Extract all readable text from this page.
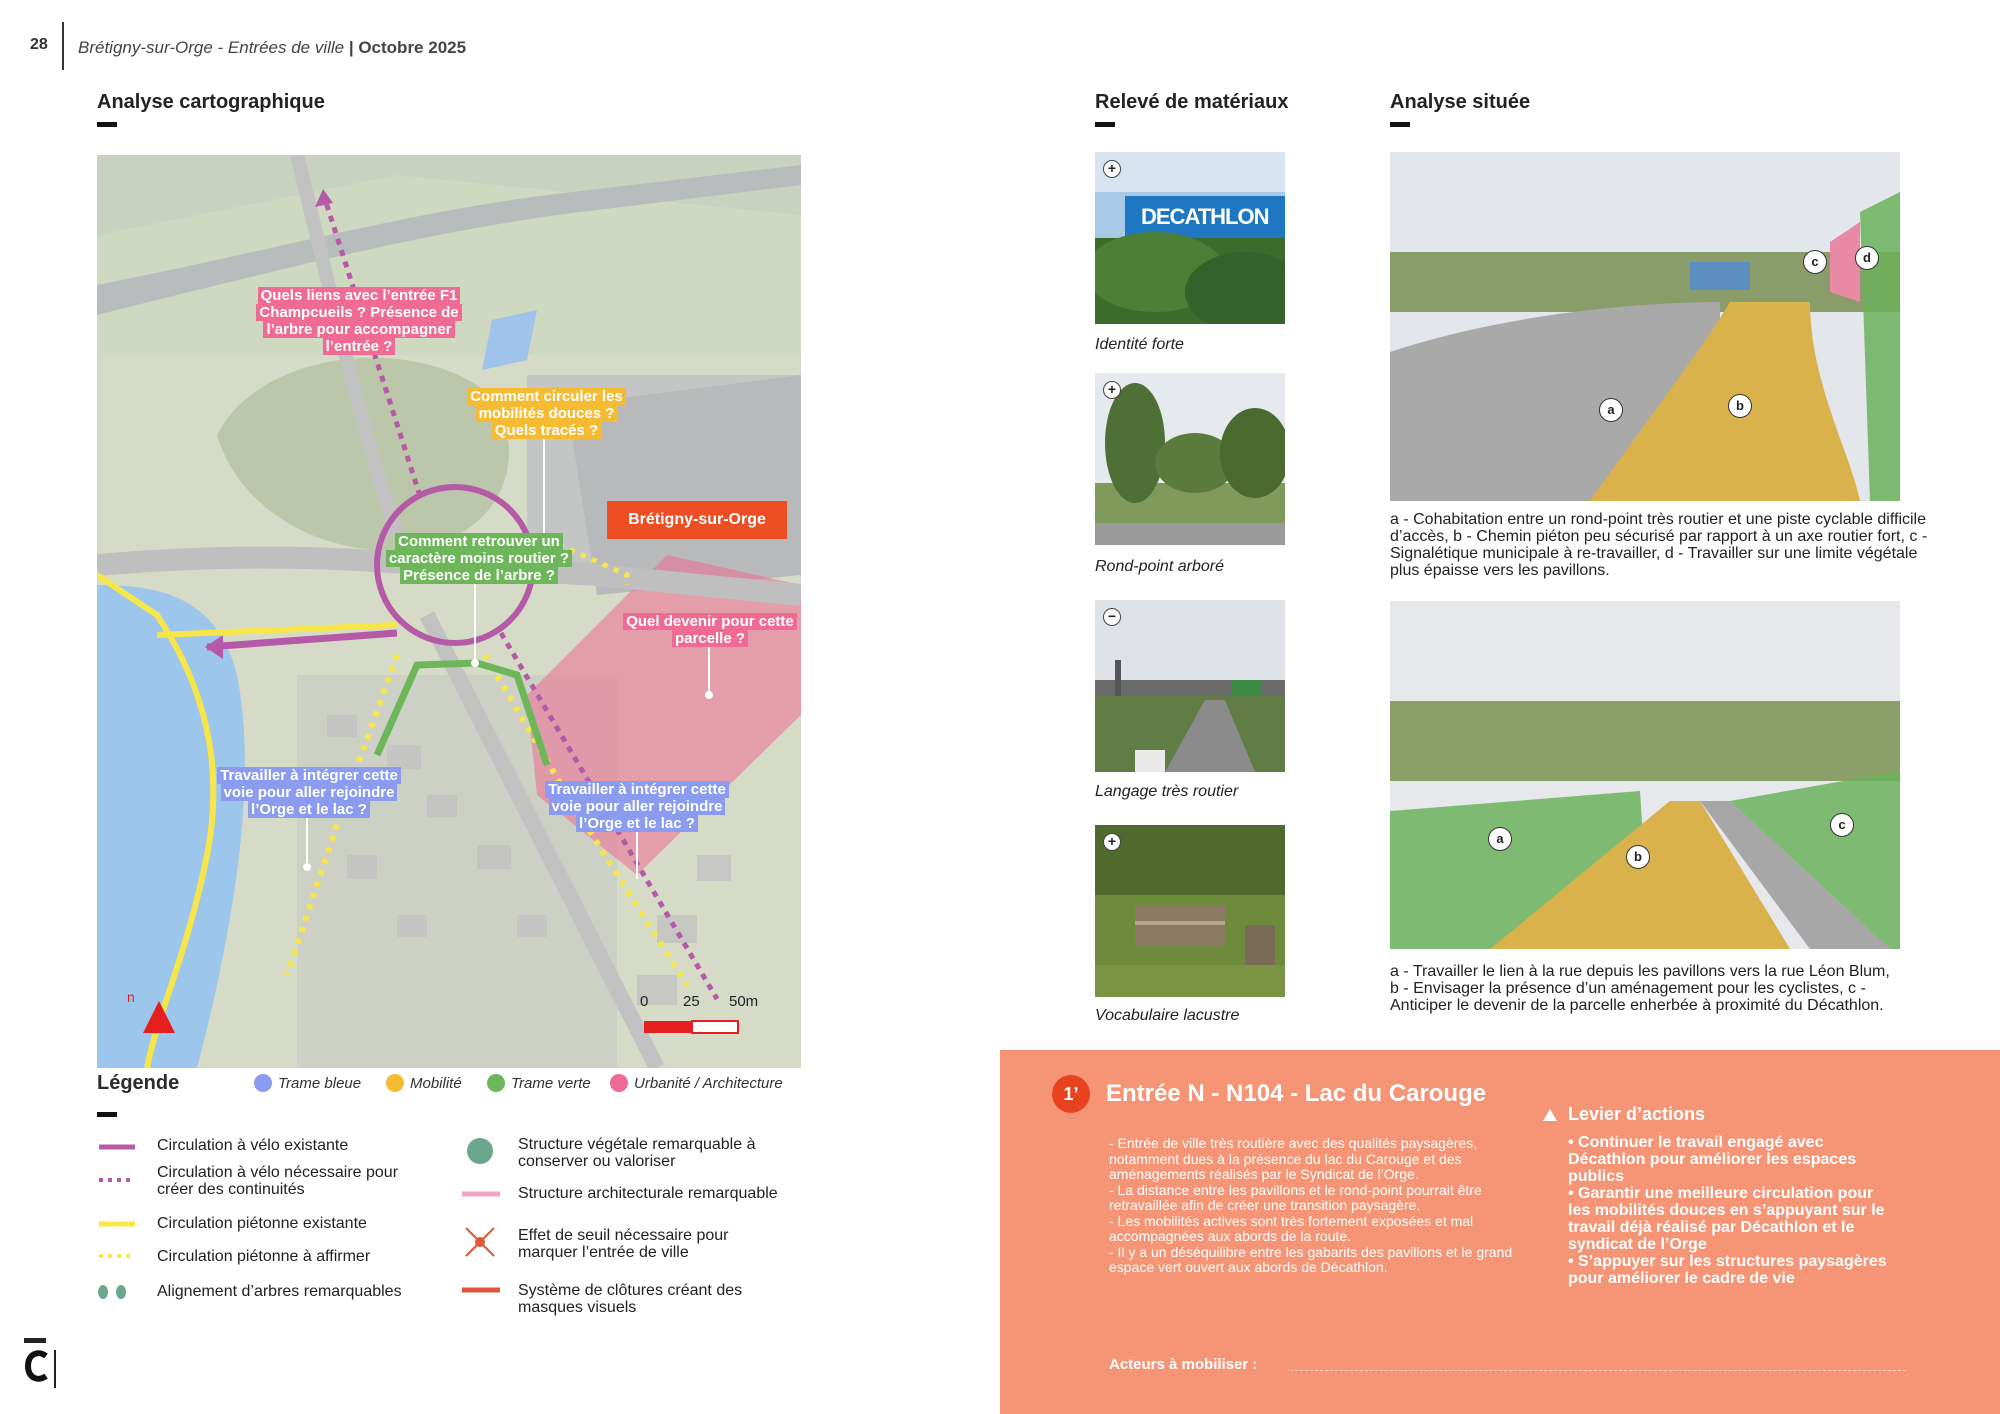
28 Brétigny-sur-Orge - Entrées de ville | Octobre 2025
Analyse cartographique	Relevé de matériaux	Analyse située
Quels liens avec l’entrée F1 Champcueils ? Présence de l’arbre pour accompagner l’entrée ?
Comment circuler les mobilités douces ? Quels tracés ?
Comment retrouver un caractère moins routier ? Présence de l’arbre ?
Brétigny-sur-Orge
Quel devenir pour cette parcelle ?
Travailler à intégrer cette voie pour aller rejoindre l’Orge et le lac ?
Travailler à intégrer cette voie pour aller rejoindre l’Orge et le lac ?
n	0 25 50m
Légende	Trame bleue	Mobilité	Trame verte	Urbanité / Architecture
Circulation à vélo existante
Circulation à vélo nécessaire pour créer des continuités
Circulation piétonne existante
Circulation piétonne à affirmer
Alignement d’arbres remarquables
Structure végétale remarquable à conserver ou valoriser
Structure architecturale remarquable
Effet de seuil nécessaire pour marquer l’entrée de ville
Système de clôtures créant des masques visuels
DECATHLON
+
Identité forte
+
Rond-point arboré
−
Langage très routier
+
Vocabulaire lacustre
a	b
c	d
a - Cohabitation entre un rond-point très routier et une piste cyclable difficile d’accès, b - Chemin piéton peu sécurisé par rapport à un axe routier fort, c - Signalétique municipale à re-travailler, d - Travailler sur une limite végétale plus épaisse vers les pavillons.
a
b
c
a - Travailler le lien à la rue depuis les pavillons vers la rue Léon Blum, b - Envisager la présence d’un aménagement pour les cyclistes, c - Anticiper le devenir de la parcelle enherbée à proximité du Décathlon.
1’	Entrée N - N104 - Lac du Carouge
- Entrée de ville très routière avec des qualités paysagères, notamment dues à la présence du lac du Carouge et des aménagements réalisés par le Syndicat de l’Orge.
- La distance entre les pavillons et le rond-point pourrait être retravaillée afin de créer une transition paysagère.
- Les mobilités actives sont très fortement exposées et mal accompagnées aux abords de la route.
- Il y a un déséquilibre entre les gabarits des pavillons et le grand espace vert ouvert aux abords de Décathlon.
Levier d’actions
• Continuer le travail engagé avec Décathlon pour améliorer les espaces publics
• Garantir une meilleure circulation pour les mobilités douces en s’appuyant sur le travail déjà réalisé par Décathlon et le syndicat de l’Orge
• S’appuyer sur les structures paysagères pour améliorer le cadre de vie
Acteurs à mobiliser :
